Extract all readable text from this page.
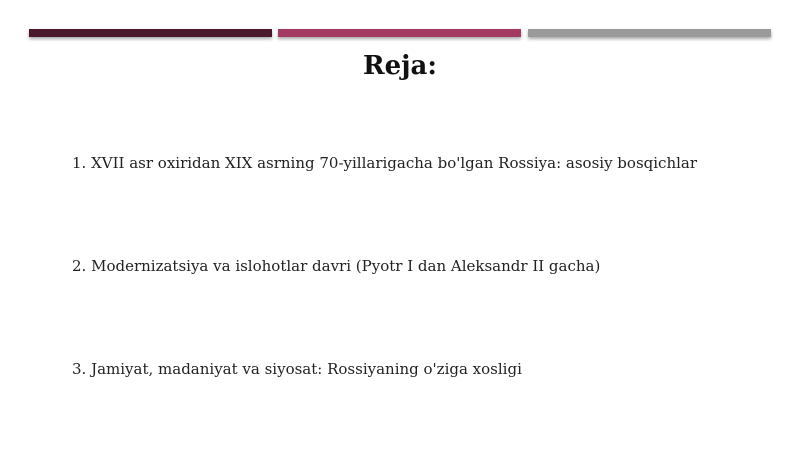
Reja:
1. XVII asr oxiridan XIX asrning 70-yillarigacha bo'lgan Rossiya: asosiy bosqichlar
2. Modernizatsiya va islohotlar davri (Pyotr I dan Aleksandr II gacha)
3. Jamiyat, madaniyat va siyosat: Rossiyaning o'ziga xosligi
